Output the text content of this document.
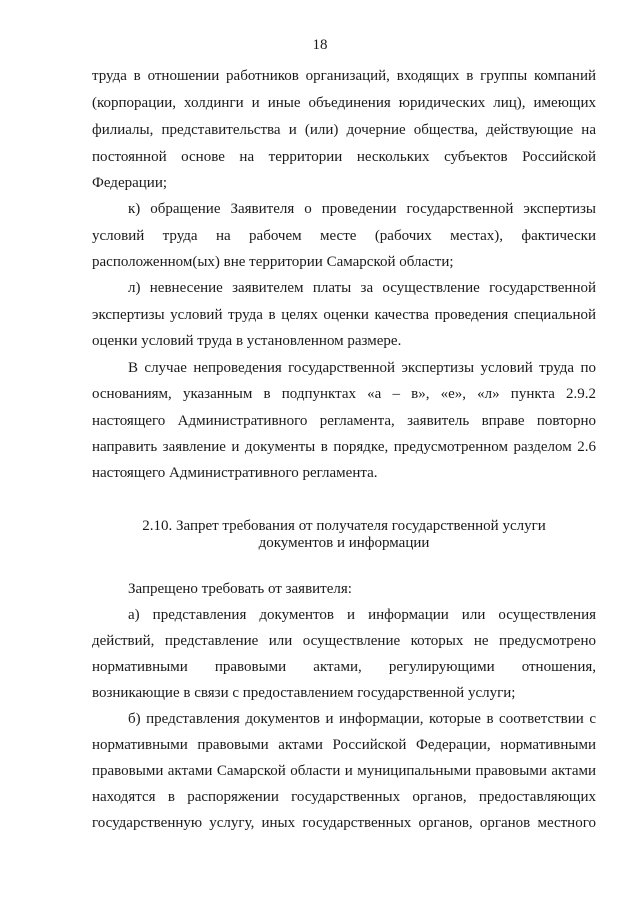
18
труда в отношении работников организаций, входящих в группы компаний
(корпорации, холдинги и иные объединения юридических лиц), имеющих
филиалы, представительства и (или) дочерние общества, действующие на
постоянной основе на территории нескольких субъектов Российской
Федерации;
к) обращение Заявителя о проведении государственной экспертизы
условий труда на рабочем месте (рабочих местах), фактически
расположенном(ых) вне территории Самарской области;
л) невнесение заявителем платы за осуществление государственной
экспертизы условий труда в целях оценки качества проведения специальной
оценки условий труда в установленном размере.
В случае непроведения государственной экспертизы условий труда по
основаниям, указанным в подпунктах «а – в», «е», «л» пункта 2.9.2
настоящего Административного регламента, заявитель вправе повторно
направить заявление и документы в порядке, предусмотренном разделом 2.6
настоящего Административного регламента.
2.10. Запрет требования от получателя государственной услуги
документов и информации
Запрещено требовать от заявителя:
а) представления документов и информации или осуществления
действий, представление или осуществление которых не предусмотрено
нормативными правовыми актами, регулирующими отношения,
возникающие в связи с предоставлением государственной услуги;
б) представления документов и информации, которые в соответствии с
нормативными правовыми актами Российской Федерации, нормативными
правовыми актами Самарской области и муниципальными правовыми актами
находятся в распоряжении государственных органов, предоставляющих
государственную услугу, иных государственных органов, органов местного
